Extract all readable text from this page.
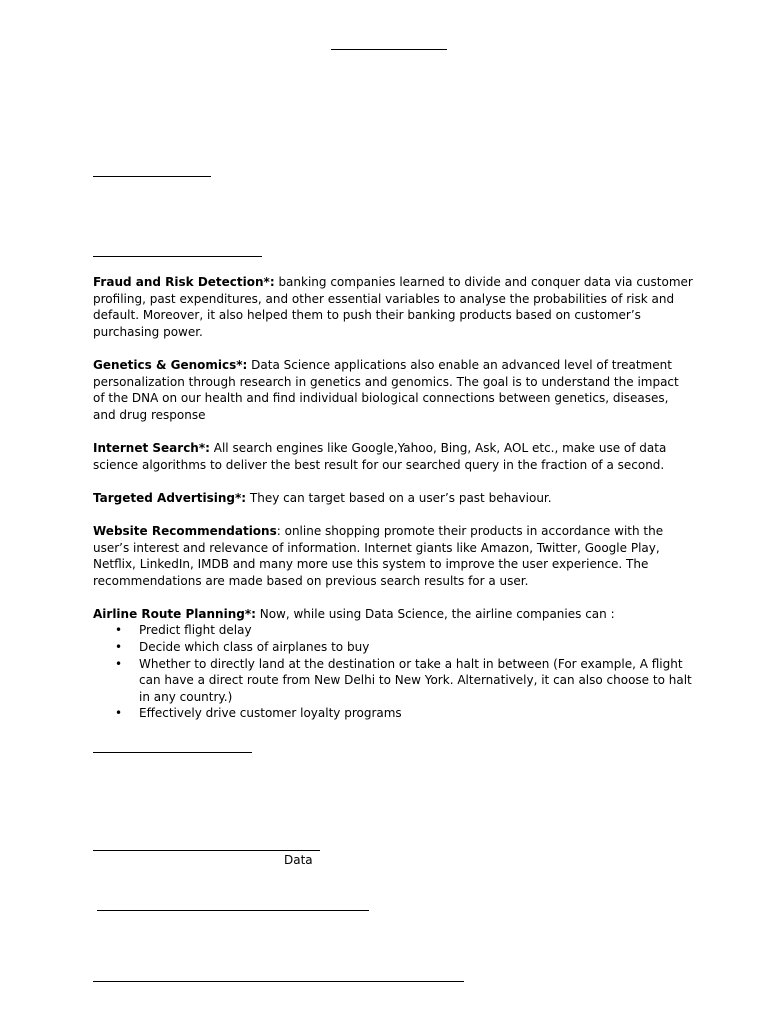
Fraud and Risk Detection*: banking companies learned to divide and conquer data via customer profiling, past expenditures, and other essential variables to analyse the probabilities of risk and default. Moreover, it also helped them to push their banking products based on customer’s purchasing power.

Genetics & Genomics*: Data Science applications also enable an advanced level of treatment personalization through research in genetics and genomics. The goal is to understand the impact of the DNA on our health and find individual biological connections between genetics, diseases, and drug response

Internet Search*: All search engines like Google,Yahoo, Bing, Ask, AOL etc., make use of data science algorithms to deliver the best result for our searched query in the fraction of a second.

Targeted Advertising*: They can target based on a user’s past behaviour.

Website Recommendations: online shopping promote their products in accordance with the user’s interest and relevance of information. Internet giants like Amazon, Twitter, Google Play, Netflix, LinkedIn, IMDB and many more use this system to improve the user experience. The recommendations are made based on previous search results for a user.

Airline Route Planning*: Now, while using Data Science, the airline companies can :
• Predict flight delay
• Decide which class of airplanes to buy
• Whether to directly land at the destination or take a halt in between (For example, A flight can have a direct route from New Delhi to New York. Alternatively, it can also choose to halt in any country.)
• Effectively drive customer loyalty programs
Data
